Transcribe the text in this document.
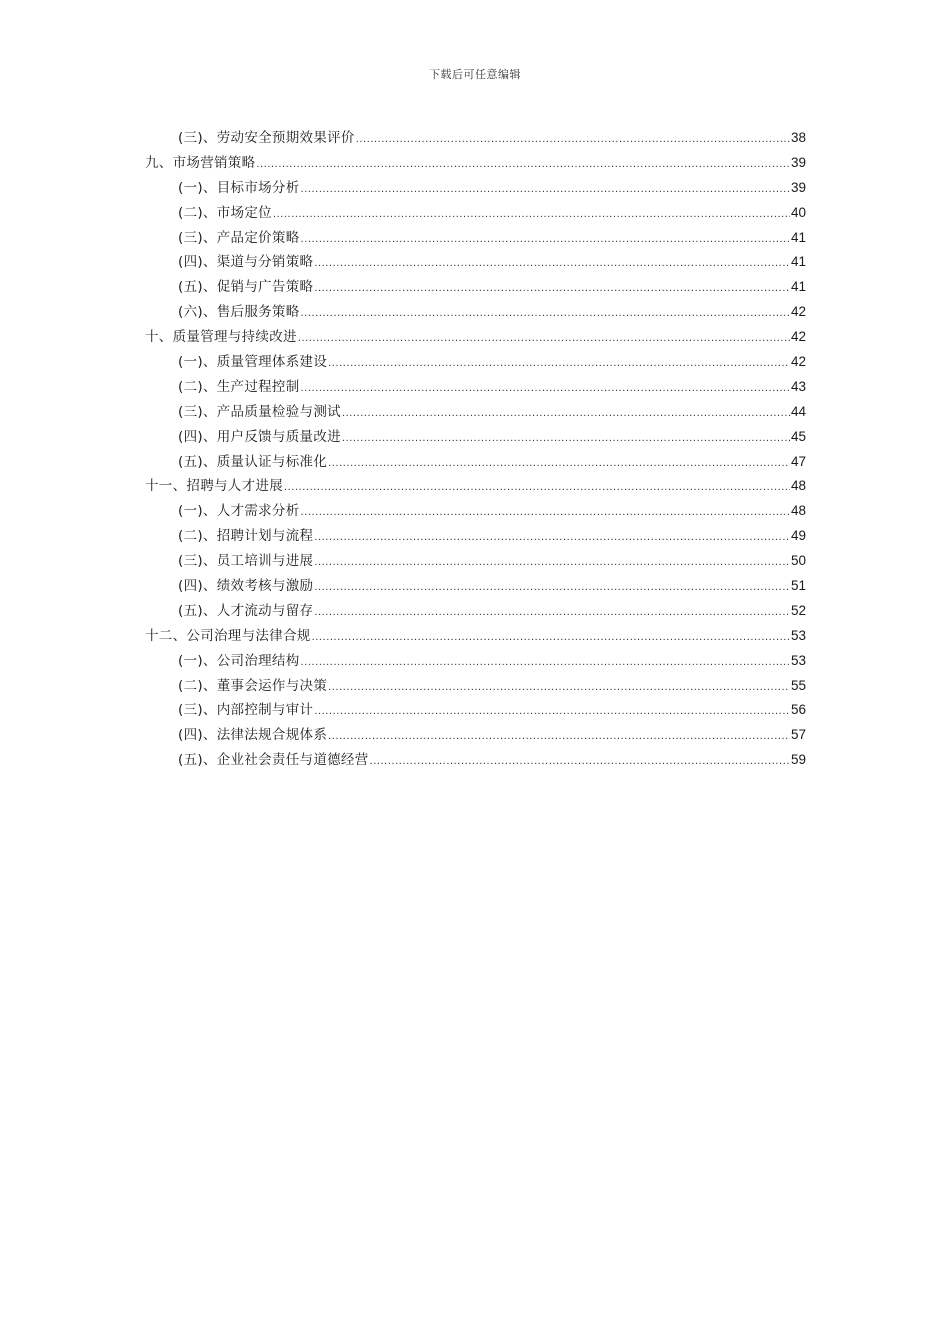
下载后可任意编辑
(三)、劳动安全预期效果评价 .....	38
九、市场营销策略 .....	39
(一)、目标市场分析 .....	39
(二)、市场定位 .....	40
(三)、产品定价策略 .....	41
(四)、渠道与分销策略 .....	41
(五)、促销与广告策略 .....	41
(六)、售后服务策略 .....	42
十、质量管理与持续改进 .....	42
(一)、质量管理体系建设 .....	42
(二)、生产过程控制 .....	43
(三)、产品质量检验与测试 .....	44
(四)、用户反馈与质量改进 .....	45
(五)、质量认证与标准化 .....	47
十一、招聘与人才进展 .....	48
(一)、人才需求分析 .....	48
(二)、招聘计划与流程 .....	49
(三)、员工培训与进展 .....	50
(四)、绩效考核与激励 .....	51
(五)、人才流动与留存 .....	52
十二、公司治理与法律合规 .....	53
(一)、公司治理结构 .....	53
(二)、董事会运作与决策 .....	55
(三)、内部控制与审计 .....	56
(四)、法律法规合规体系 .....	57
(五)、企业社会责任与道德经营 .....	59
